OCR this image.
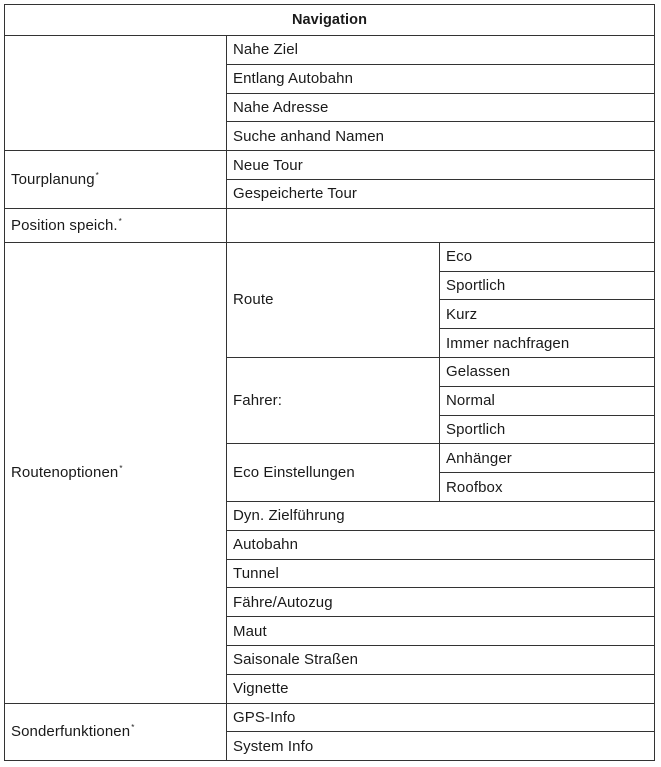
Navigation		
	Nahe Ziel	
	Entlang Autobahn	
	Nahe Adresse	
	Suche anhand Namen	
Tourplanung*	Neue Tour	
	Gespeicherte Tour	
Position speich.*	
Routenoptionen*	Route	Eco
		Sportlich
		Kurz
		Immer nachfragen
	Fahrer:	Gelassen
		Normal
		Sportlich
	Eco Einstellungen	Anhänger
		Roofbox
	Dyn. Zielführung	
	Autobahn	
	Tunnel	
	Fähre/Autozug	
	Maut	
	Saisonale Straßen	
	Vignette	
Sonderfunktionen*	GPS-Info	
	System Info	
